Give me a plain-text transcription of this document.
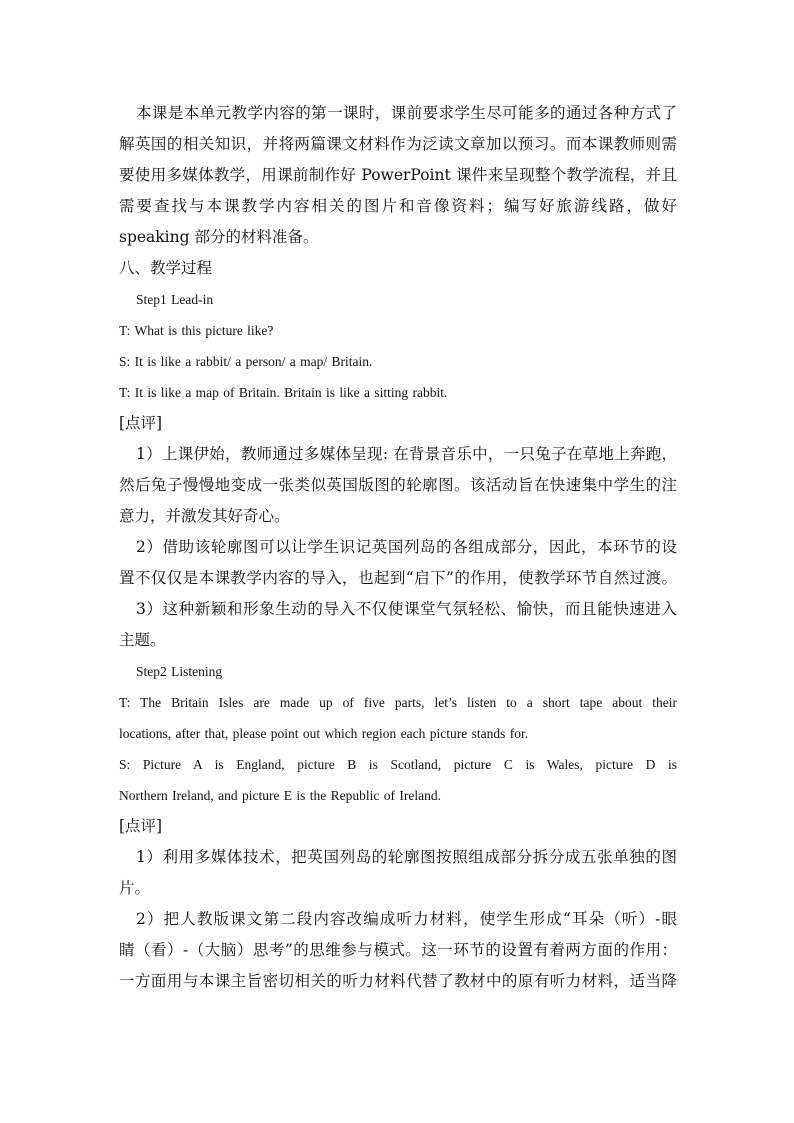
本课是本单元教学内容的第一课时，课前要求学生尽可能多的通过各种方式了

解英国的相关知识，并将两篇课文材料作为泛读文章加以预习。而本课教师则需

要使用多媒体教学，用课前制作好 PowerPoint 课件来呈现整个教学流程，并且

需要查找与本课教学内容相关的图片和音像资料；编写好旅游线路，做好

speaking 部分的材料准备。

八、教学过程

Step1 Lead-in

T: What is this picture like?

S: It is like a rabbit/ a person/ a map/ Britain.

T: It is like a map of Britain. Britain is like a sitting rabbit.

[点评]

1）上课伊始，教师通过多媒体呈现: 在背景音乐中，一只兔子在草地上奔跑，

然后兔子慢慢地变成一张类似英国版图的轮廓图。该活动旨在快速集中学生的注

意力，并激发其好奇心。

2）借助该轮廓图可以让学生识记英国列岛的各组成部分，因此，本环节的设

置不仅仅是本课教学内容的导入，也起到“启下”的作用，使教学环节自然过渡。

3）这种新颖和形象生动的导入不仅使课堂气氛轻松、愉快，而且能快速进入

主题。

Step2 Listening

T: The Britain Isles are made up of five parts, let’s listen to a short tape about their

locations, after that, please point out which region each picture stands for.

S: Picture A is England, picture B is Scotland, picture C is Wales, picture D is

Northern Ireland, and picture E is the Republic of Ireland.

[点评]

1）利用多媒体技术，把英国列岛的轮廓图按照组成部分拆分成五张单独的图

片。

2）把人教版课文第二段内容改编成听力材料，使学生形成“耳朵（听）-眼

睛（看）-（大脑）思考”的思维参与模式。这一环节的设置有着两方面的作用：

一方面用与本课主旨密切相关的听力材料代替了教材中的原有听力材料，适当降
